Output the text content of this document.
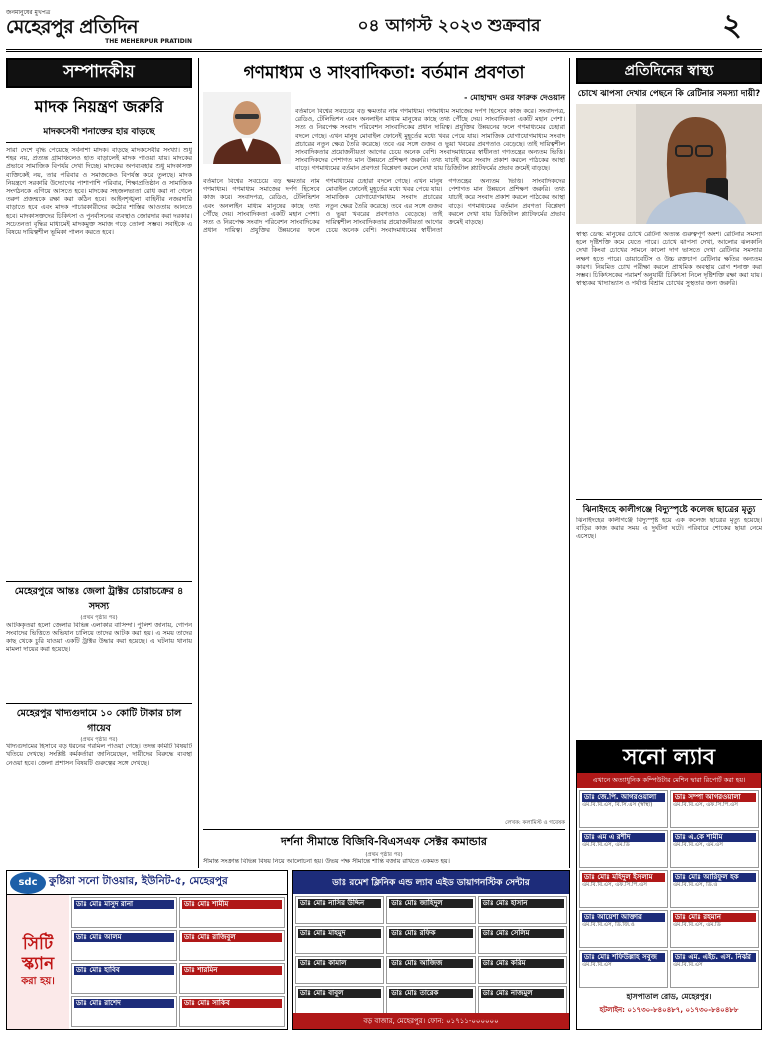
জনমানুষের মুখপত্র
মেহেরপুর প্রতিদিন
THE MEHERPUR PRATIDIN
০৪ আগস্ট ২০২৩ শুক্রবার	২
সম্পাদকীয়
মাদক নিয়ন্ত্রণ জরুরি
মাদকসেবী শনাক্তের হার বাড়ছে
সারা দেশে বৃদ্ধি পেয়েছে সর্বনাশা মাদক। বাড়ছে মাদকসেবীর সংখ্যা। শুধু শহর নয়, প্রত্যন্ত গ্রামাঞ্চলেও হাত বাড়ালেই মাদক পাওয়া যায়। মাদকের প্রভাবে সামাজিক বিপর্যয় দেখা দিচ্ছে। মাদকের অপব্যবহার শুধু মাদকাসক্ত ব্যক্তিকেই নয়, তার পরিবার ও সমাজকেও বিপর্যস্ত করে তুলছে। মাদক নিয়ন্ত্রণে সরকারি উদ্যোগের পাশাপাশি পরিবার, শিক্ষাপ্রতিষ্ঠান ও সামাজিক সংগঠনকে এগিয়ে আসতে হবে। মাদকের সহজলভ্যতা রোধ করা না গেলে তরুণ প্রজন্মকে রক্ষা করা কঠিন হবে। আইনশৃঙ্খলা বাহিনীর নজরদারি বাড়াতে হবে এবং মাদক পাচারকারীদের কঠোর শাস্তির আওতায় আনতে হবে। মাদকাসক্তদের চিকিৎসা ও পুনর্বাসনের ব্যবস্থাও জোরদার করা দরকার। সচেতনতা বৃদ্ধির মাধ্যমেই মাদকমুক্ত সমাজ গড়ে তোলা সম্ভব। সবাইকে এ বিষয়ে দায়িত্বশীল ভূমিকা পালন করতে হবে।
মেহেরপুরে আন্তঃ জেলা ট্রাক্টর চোরাচক্রের ৪ সদস্য
(প্রথম পৃষ্ঠার পর)
আটককৃতরা হলো জেলার বিভিন্ন এলাকার বাসিন্দা। পুলিশ জানায়, গোপন সংবাদের ভিত্তিতে অভিযান চালিয়ে তাদের আটক করা হয়। এ সময় তাদের কাছ থেকে চুরি যাওয়া একটি ট্রাক্টর উদ্ধার করা হয়েছে। এ ঘটনায় থানায় মামলা দায়ের করা হয়েছে।
মেহেরপুর খাদ্যগুদামে ১০ কোটি টাকার চাল গায়েব
(প্রথম পৃষ্ঠার পর)
খাদ্যগুদামের হিসাবে বড় ধরনের গরমিল পাওয়া গেছে। তদন্ত কমিটি বিষয়টি খতিয়ে দেখছে। সংশ্লিষ্ট কর্মকর্তারা জানিয়েছেন, দায়ীদের বিরুদ্ধে ব্যবস্থা নেওয়া হবে। জেলা প্রশাসন বিষয়টি গুরুত্বের সঙ্গে দেখছে।
গণমাধ্যম ও সাংবাদিকতা: বর্তমান প্রবণতা
- মোহাম্মদ ওমর ফারুক দেওয়ান
বর্তমানে বিশ্বের সবচেয়ে বড় ক্ষমতার নাম গণমাধ্যম। গণমাধ্যম সমাজের দর্পণ হিসেবে কাজ করে। সংবাদপত্র, রেডিও, টেলিভিশন এবং অনলাইন মাধ্যম মানুষের কাছে তথ্য পৌঁছে দেয়। সাংবাদিকতা একটি মহান পেশা। সত্য ও নিরপেক্ষ সংবাদ পরিবেশন সাংবাদিকের প্রধান দায়িত্ব। প্রযুক্তির উন্নয়নের ফলে গণমাধ্যমের চেহারা বদলে গেছে। এখন মানুষ মোবাইল ফোনেই মুহূর্তের মধ্যে খবর পেয়ে যায়। সামাজিক যোগাযোগমাধ্যম সংবাদ প্রচারের নতুন ক্ষেত্র তৈরি করেছে। তবে এর সঙ্গে গুজব ও ভুয়া খবরের প্রবণতাও বেড়েছে। তাই দায়িত্বশীল সাংবাদিকতার প্রয়োজনীয়তা আগের চেয়ে অনেক বেশি। সংবাদমাধ্যমের স্বাধীনতা গণতন্ত্রের অন্যতম ভিত্তি। সাংবাদিকদের পেশাগত মান উন্নয়নে প্রশিক্ষণ জরুরি। তথ্য যাচাই করে সংবাদ প্রকাশ করলে পাঠকের আস্থা বাড়ে। গণমাধ্যমের বর্তমান প্রবণতা বিশ্লেষণ করলে দেখা যায় ডিজিটাল প্ল্যাটফর্মের প্রভাব ক্রমেই বাড়ছে।
বর্তমানে বিশ্বের সবচেয়ে বড় ক্ষমতার নাম গণমাধ্যম। গণমাধ্যম সমাজের দর্পণ হিসেবে কাজ করে। সংবাদপত্র, রেডিও, টেলিভিশন এবং অনলাইন মাধ্যম মানুষের কাছে তথ্য পৌঁছে দেয়। সাংবাদিকতা একটি মহান পেশা। সত্য ও নিরপেক্ষ সংবাদ পরিবেশন সাংবাদিকের প্রধান দায়িত্ব। প্রযুক্তির উন্নয়নের ফলে গণমাধ্যমের চেহারা বদলে গেছে। এখন মানুষ মোবাইল ফোনেই মুহূর্তের মধ্যে খবর পেয়ে যায়। সামাজিক যোগাযোগমাধ্যম সংবাদ প্রচারের নতুন ক্ষেত্র তৈরি করেছে। তবে এর সঙ্গে গুজব ও ভুয়া খবরের প্রবণতাও বেড়েছে। তাই দায়িত্বশীল সাংবাদিকতার প্রয়োজনীয়তা আগের চেয়ে অনেক বেশি। সংবাদমাধ্যমের স্বাধীনতা গণতন্ত্রের অন্যতম ভিত্তি। সাংবাদিকদের পেশাগত মান উন্নয়নে প্রশিক্ষণ জরুরি। তথ্য যাচাই করে সংবাদ প্রকাশ করলে পাঠকের আস্থা বাড়ে। গণমাধ্যমের বর্তমান প্রবণতা বিশ্লেষণ করলে দেখা যায় ডিজিটাল প্ল্যাটফর্মের প্রভাব ক্রমেই বাড়ছে।
লেখক: কলামিস্ট ও গবেষক
দর্শনা সীমান্তে বিজিবি-বিএসএফ সেক্টর কমান্ডার
(প্রথম পৃষ্ঠার পর)
সীমান্ত সংক্রান্ত বিভিন্ন বিষয় নিয়ে আলোচনা হয়। উভয় পক্ষ সীমান্তে শান্তি বজায় রাখতে একমত হয়।
প্রতিদিনের স্বাস্থ্য
চোখে ঝাপসা দেখার পেছনে কি রেটিনার সমস্যা দায়ী?
স্বাস্থ্য ডেস্ক: মানুষের চোখে রেটিনা অত্যন্ত গুরুত্বপূর্ণ অংশ। রেটিনার সমস্যা হলে দৃষ্টিশক্তি কমে যেতে পারে। চোখে ঝাপসা দেখা, আলোর ঝলকানি দেখা কিংবা চোখের সামনে কালো দাগ ভাসতে দেখা রেটিনার সমস্যার লক্ষণ হতে পারে। ডায়াবেটিস ও উচ্চ রক্তচাপ রেটিনার ক্ষতির অন্যতম কারণ। নিয়মিত চোখ পরীক্ষা করলে প্রাথমিক অবস্থায় রোগ শনাক্ত করা সম্ভব। চিকিৎসকের পরামর্শ অনুযায়ী চিকিৎসা নিলে দৃষ্টিশক্তি রক্ষা করা যায়। স্বাস্থ্যকর খাদ্যাভ্যাস ও পর্যাপ্ত বিশ্রাম চোখের সুস্থতার জন্য জরুরি।
ঝিনাইদহে কালীগঞ্জে বিদ্যুস্পৃষ্টে কলেজ ছাত্রের মৃত্যু
ঝিনাইদহের কালীগঞ্জে বিদ্যুস্পৃষ্ট হয়ে এক কলেজ ছাত্রের মৃত্যু হয়েছে। বাড়ির কাজ করার সময় এ দুর্ঘটনা ঘটে। পরিবারে শোকের ছায়া নেমে এসেছে।
সনো ল্যাব
এখানে অত্যাধুনিক কম্পিউটার মেশিন দ্বারা রিপোর্ট করা হয়।
ডাঃ জে.পি. আগরওয়ালা
এম.বি.বি.এস, বি.সি.এস (স্বাস্থ্য)
ডাঃ সম্পা আগরওয়ালা
এম.বি.বি.এস, এফ.সি.পি.এস
ডাঃ এম এ রশীদ
এম.বি.বি.এস, এম.ডি
ডাঃ এ.কে শামীম
এম.বি.বি.এস, এম.এস
ডাঃ মোঃ মহিদুল ইসলাম
এম.বি.বি.এস, এফ.সি.পি.এস
ডাঃ মোঃ আরিফুল হক
এম.বি.বি.এস, ডি.ও
ডাঃ আয়েশা আক্তার
এম.বি.বি.এস, ডি.জি.ও
ডাঃ মোঃ রহমান
এম.বি.বি.এস, এম.ডি
ডাঃ মোঃ শফিউল্লাহ সবুজ
এম.বি.বি.এস
ডাঃ এম. এইচ. এস. নির্ঝর
এম.বি.বি.এস
হাসপাতাল রোড, মেহেরপুর।
হটলাইন: ০১৭৩০-৮৪০৪৮৭, ০১৭৩০-৮৪০৪৮৮
sdc	কুষ্টিয়া সনো টাওয়ার, ইউনিট-৫, মেহেরপুর
সিটি স্ক্যান
করা হয়।
ডাঃ মোঃ মাসুদ রানা	ডাঃ মোঃ শামীম
ডাঃ মোঃ আলম	ডাঃ মোঃ রাজিবুল
ডাঃ মোঃ হাবিব	ডাঃ শারমিন
ডাঃ মোঃ রাশেদ	ডাঃ মোঃ সাকিব
ডাঃ রমেশ ক্লিনিক এন্ড ল্যাব এইড ডায়াগনস্টিক সেন্টার
ডাঃ মোঃ নাসির উদ্দিন	ডাঃ মোঃ জাহিদুল	ডাঃ মোঃ হাসান
ডাঃ মোঃ মাহমুদ	ডাঃ মোঃ রফিক	ডাঃ মোঃ সেলিম
ডাঃ মোঃ কামাল	ডাঃ মোঃ আজিজ	ডাঃ মোঃ করিম
ডাঃ মোঃ বাবুল	ডাঃ মোঃ তারেক	ডাঃ মোঃ নাজমুল
বড় বাজার, মেহেরপুর। ফোন: ০১৭১১-০০০০০০
